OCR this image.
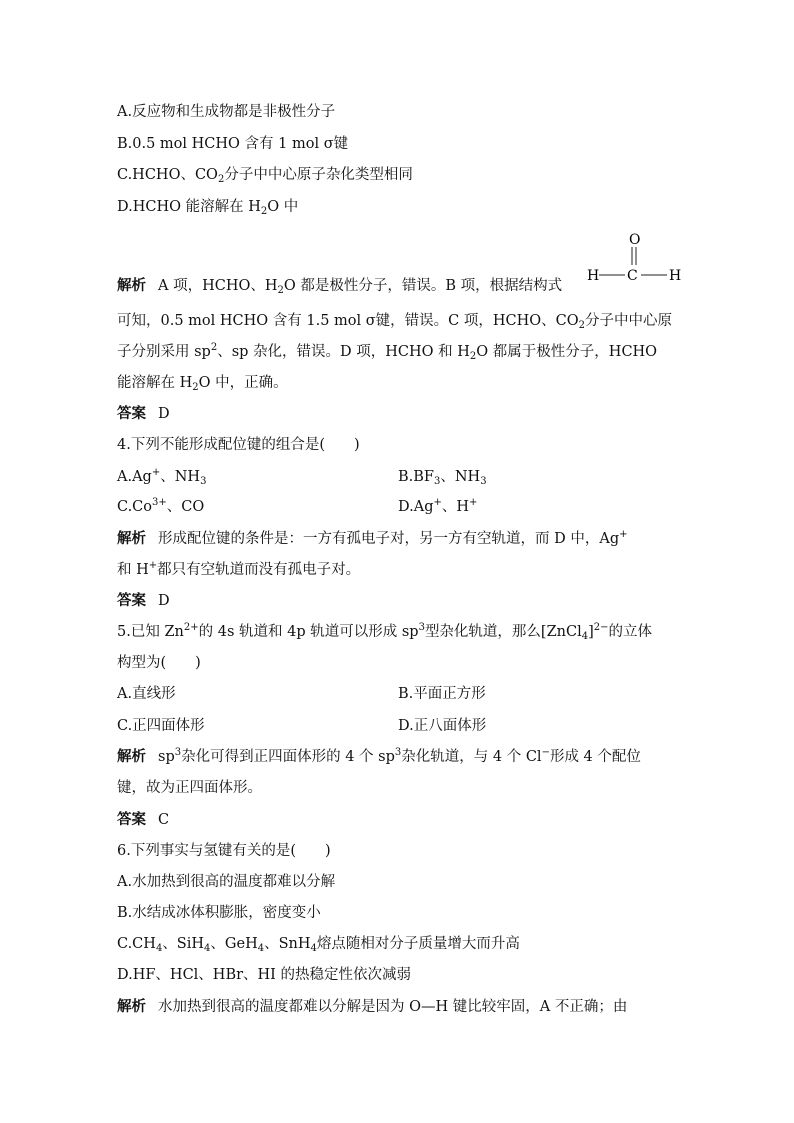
A.反应物和生成物都是非极性分子
B.0.5 mol HCHO 含有 1 mol σ键
C.HCHO、$CO_2$分子中中心原子杂化类型相同
D.HCHO 能溶解在 $H_2O$ 中
O
H C H
解析 A 项，HCHO、$H_2O$ 都是极性分子，错误。B 项，根据结构式
可知，0.5 mol HCHO 含有 1.5 mol σ键，错误。C 项，HCHO、$CO_2$分子中中心原
子分别采用 $sp^2$、sp 杂化，错误。D 项，HCHO 和 $H_2O$ 都属于极性分子，HCHO
能溶解在 $H_2O$ 中，正确。
答案 D
4.下列不能形成配位键的组合是(　　)
A.Ag+、$NH_3$	$B.BF_3$、$NH_3$
$C.Co^{3+}$、CO	D.Ag+、H+
解析 形成配位键的条件是：一方有孤电子对，另一方有空轨道，而 D 中，Ag+
和 H+都只有空轨道而没有孤电子对。
答案 D
5.已知 $Zn^{2+}$的 4s 轨道和 4p 轨道可以形成 $sp^3$型杂化轨道，那么[ZnCl$_4$]$^{2-}$的立体
构型为(　　)
A.直线形	B.平面正方形
C.正四面体形	D.正八面体形
解析 $sp^3$杂化可得到正四面体形的 4 个 $sp^3$杂化轨道，与 4 个 Cl−形成 4 个配位
键，故为正四面体形。
答案 C
6.下列事实与氢键有关的是(　　)
A.水加热到很高的温度都难以分解
B.水结成冰体积膨胀，密度变小
$C.CH_4$、SiH$_4$、GeH$_4$、SnH$_4$熔点随相对分子质量增大而升高
D.HF、HCl、HBr、HI 的热稳定性依次减弱
解析 水加热到很高的温度都难以分解是因为 O—H 键比较牢固，A 不正确；由
